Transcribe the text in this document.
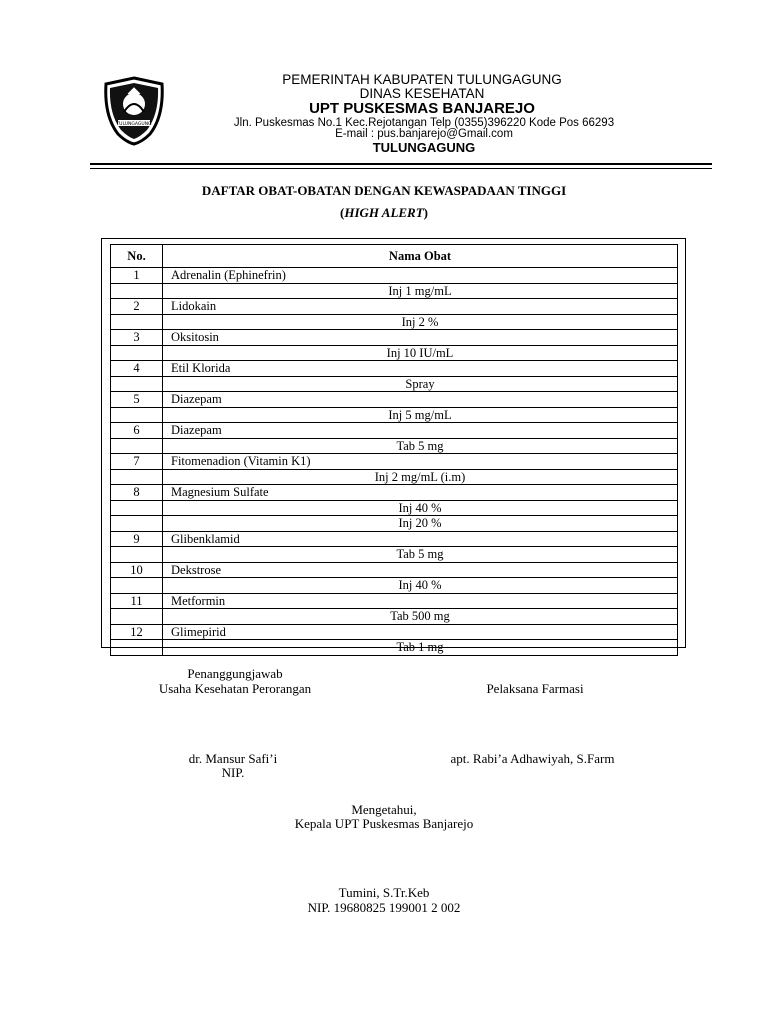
TULUNGAGUNG
PEMERINTAH KABUPATEN TULUNGAGUNG
DINAS KESEHATAN
UPT PUSKESMAS BANJAREJO
Jln. Puskesmas No.1 Kec.Rejotangan Telp (0355)396220 Kode Pos 66293
E-mail : pus.banjarejo@Gmail.com
TULUNGAGUNG
DAFTAR OBAT-OBATAN DENGAN KEWASPADAAN TINGGI
(HIGH ALERT)
No.	Nama Obat
1	Adrenalin (Ephinefrin)
	Inj 1 mg/mL
2	Lidokain
	Inj 2 %
3	Oksitosin
	Inj 10 IU/mL
4	Etil Klorida
	Spray
5	Diazepam
	Inj 5 mg/mL
6	Diazepam
	Tab 5 mg
7	Fitomenadion (Vitamin K1)
	Inj 2 mg/mL (i.m)
8	Magnesium Sulfate
	Inj 40 %
	Inj 20 %
9	Glibenklamid
	Tab 5 mg
10	Dekstrose
	Inj 40 %
11	Metformin
	Tab 500 mg
12	Glimepirid
	Tab 1 mg
Penanggungjawab
Usaha Kesehatan Perorangan	Pelaksana Farmasi
dr. Mansur Safi’i
NIP.
apt. Rabi’a Adhawiyah, S.Farm
Mengetahui,
Kepala UPT Puskesmas Banjarejo
Tumini, S.Tr.Keb
NIP. 19680825 199001 2 002
